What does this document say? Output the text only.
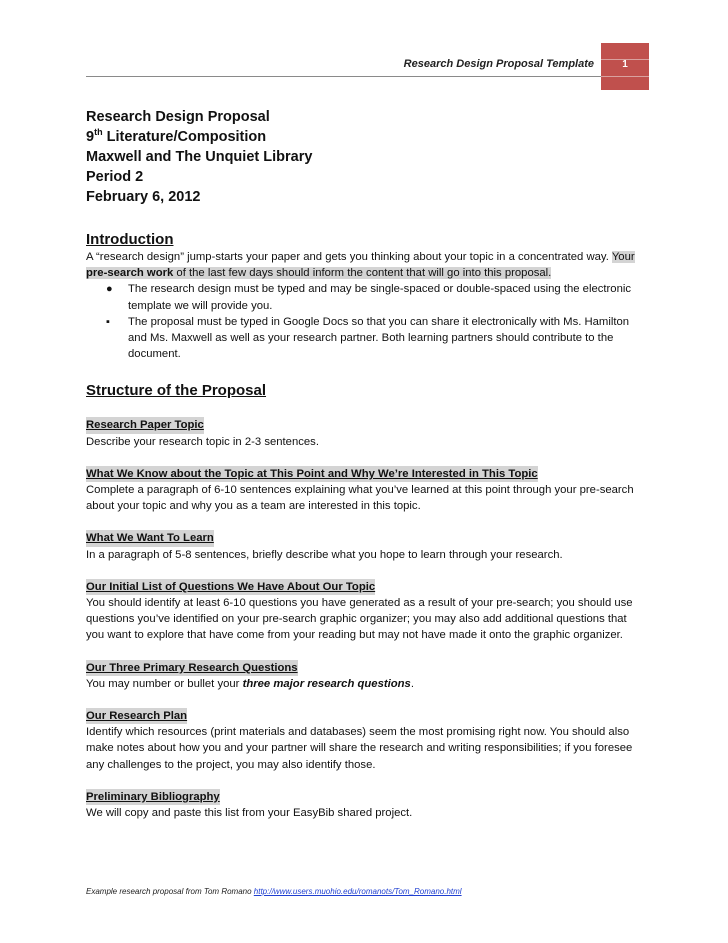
Research Design Proposal Template	1
Research Design Proposal
9th Literature/Composition
Maxwell and The Unquiet Library
Period 2
February 6, 2012
Introduction

A “research design” jump-starts your paper and gets you thinking about your topic in a concentrated way. Your pre-search work of the last few days should inform the content that will go into this proposal.

● The research design must be typed and may be single-spaced or double-spaced using the electronic template we will provide you.
▪ The proposal must be typed in Google Docs so that you can share it electronically with Ms. Hamilton and Ms. Maxwell as well as your research partner. Both learning partners should contribute to the document.
Structure of the Proposal
Research Paper Topic

Describe your research topic in 2-3 sentences.

What We Know about the Topic at This Point and Why We’re Interested in This Topic

Complete a paragraph of 6-10 sentences explaining what you’ve learned at this point through your pre-search about your topic and why you as a team are interested in this topic.

What We Want To Learn

In a paragraph of 5-8 sentences, briefly describe what you hope to learn through your research.

Our Initial List of Questions We Have About Our Topic

You should identify at least 6-10 questions you have generated as a result of your pre-search; you should use questions you’ve identified on your pre-search graphic organizer; you may also add additional questions that you want to explore that have come from your reading but may not have made it onto the graphic organizer.

Our Three Primary Research Questions

You may number or bullet your three major research questions.

Our Research Plan

Identify which resources (print materials and databases) seem the most promising right now. You should also make notes about how you and your partner will share the research and writing responsibilities; if you foresee any challenges to the project, you may also identify those.

Preliminary Bibliography

We will copy and paste this list from your EasyBib shared project.

Example research proposal from Tom Romano http://www.users.muohio.edu/romanots/Tom_Romano.html
